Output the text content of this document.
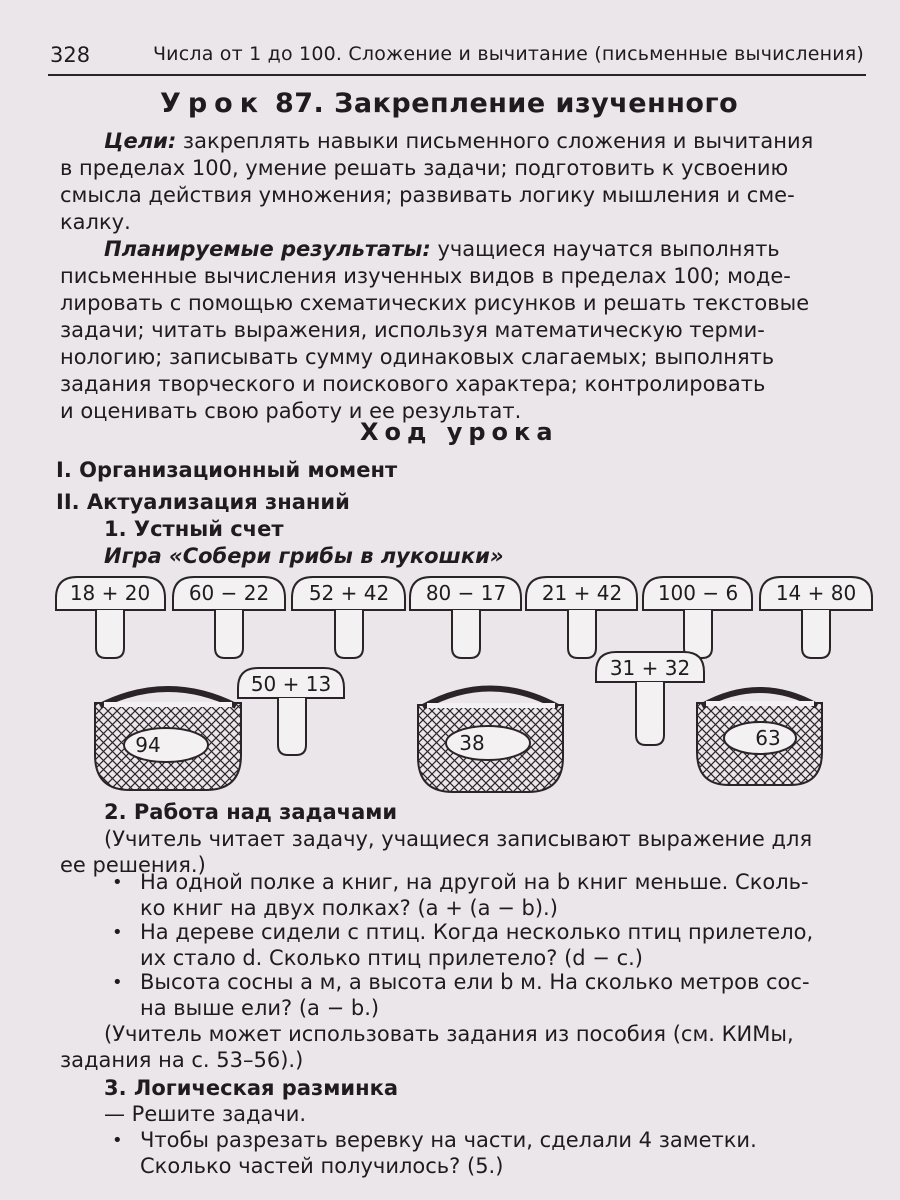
328	Числа от 1 до 100. Сложение и вычитание (письменные вычисления)
Урок 87. Закрепление изученного
Цели: закреплять навыки письменного сложения и вычитания
в пределах 100, умение решать задачи; подготовить к усвоению
смысла действия умножения; развивать логику мышления и сме-
калку.
Планируемые результаты: учащиеся научатся выполнять
письменные вычисления изученных видов в пределах 100; моде-
лировать с помощью схематических рисунков и решать текстовые
задачи; читать выражения, используя математическую терми-
нологию; записывать сумму одинаковых слагаемых; выполнять
задания творческого и поискового характера; контролировать
и оценивать свою работу и ее результат.
Ход урока
I. Организационный момент
II. Актуализация знаний
1. Устный счет
Игра «Собери грибы в лукошки»
18 + 20 60 − 22 52 + 42 80 − 17 21 + 42 100 − 6 14 + 80
50 + 13
31 + 32
94	38	63
2. Работа над задачами
(Учитель читает задачу, учащиеся записывают выражение для
ее решения.)
• На одной полке a книг, на другой на b книг меньше. Сколь-
ко книг на двух полках? (a + (a − b).)
• На дереве сидели c птиц. Когда несколько птиц прилетело,
их стало d. Сколько птиц прилетело? (d − c.)
• Высота сосны a м, а высота ели b м. На сколько метров сос-
на выше ели? (a − b.)
(Учитель может использовать задания из пособия (см. КИМы,
задания на с. 53–56).)
3. Логическая разминка
— Решите задачи.
• Чтобы разрезать веревку на части, сделали 4 заметки.
Сколько частей получилось? (5.)
